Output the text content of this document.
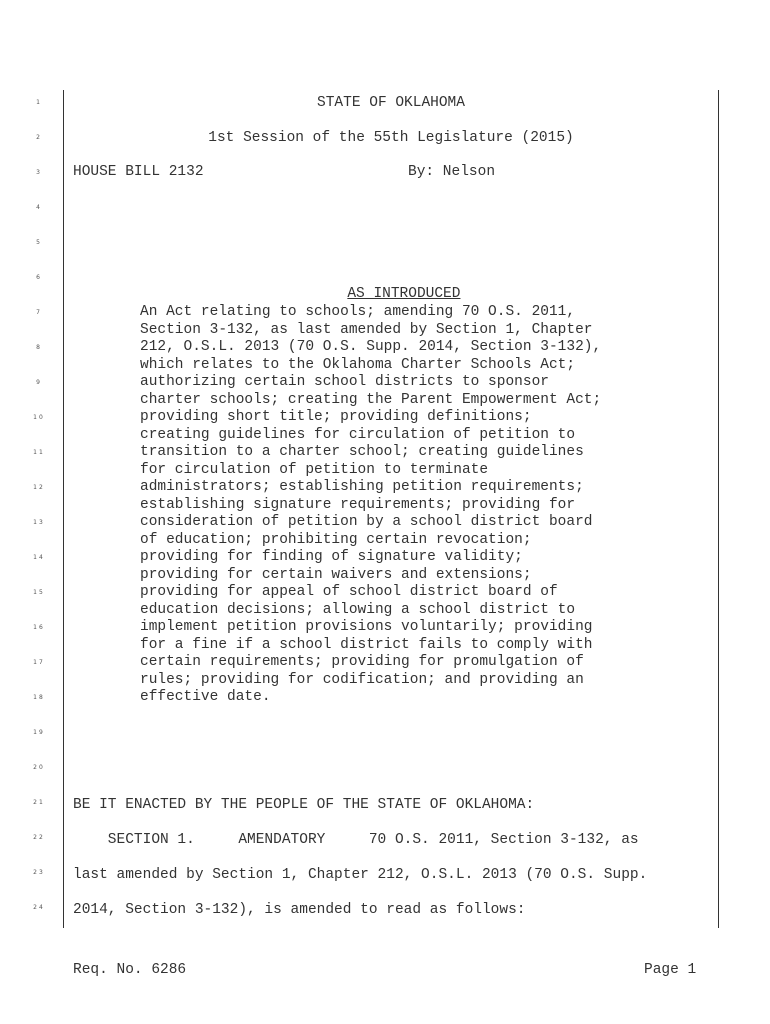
1
2
3
4
5
6
7
8
9
10
11
12
13
14
15
16
17
18
19
20
21
22
23
24
STATE OF OKLAHOMA
1st Session of the 55th Legislature (2015)
HOUSE BILL 2132	By: Nelson

AS INTRODUCED

An Act relating to schools; amending 70 O.S. 2011,
Section 3-132, as last amended by Section 1, Chapter
212, O.S.L. 2013 (70 O.S. Supp. 2014, Section 3-132),
which relates to the Oklahoma Charter Schools Act;
authorizing certain school districts to sponsor
charter schools; creating the Parent Empowerment Act;
providing short title; providing definitions;
creating guidelines for circulation of petition to
transition to a charter school; creating guidelines
for circulation of petition to terminate
administrators; establishing petition requirements;
establishing signature requirements; providing for
consideration of petition by a school district board
of education; prohibiting certain revocation;
providing for finding of signature validity;
providing for certain waivers and extensions;
providing for appeal of school district board of
education decisions; allowing a school district to
implement petition provisions voluntarily; providing
for a fine if a school district fails to comply with
certain requirements; providing for promulgation of
rules; providing for codification; and providing an
effective date.
BE IT ENACTED BY THE PEOPLE OF THE STATE OF OKLAHOMA:
SECTION 1.     AMENDATORY     70 O.S. 2011, Section 3-132, as
last amended by Section 1, Chapter 212, O.S.L. 2013 (70 O.S. Supp.
2014, Section 3-132), is amended to read as follows:
Req. No. 6286	Page 1
